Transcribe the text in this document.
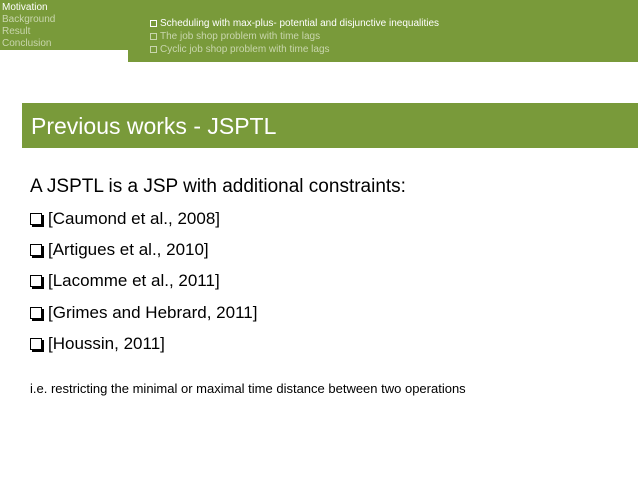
Motivation
Background
Result
Conclusion
Scheduling with max-plus- potential and disjunctive inequalities
The job shop problem with time lags
Cyclic job shop problem with time lags
Previous works - JSPTL
A JSPTL is a JSP with additional constraints:
[Caumond et al., 2008]
[Artigues et al., 2010]
[Lacomme et al., 2011]
[Grimes and Hebrard, 2011]
[Houssin, 2011]
i.e. restricting the minimal or maximal time distance between two operations
